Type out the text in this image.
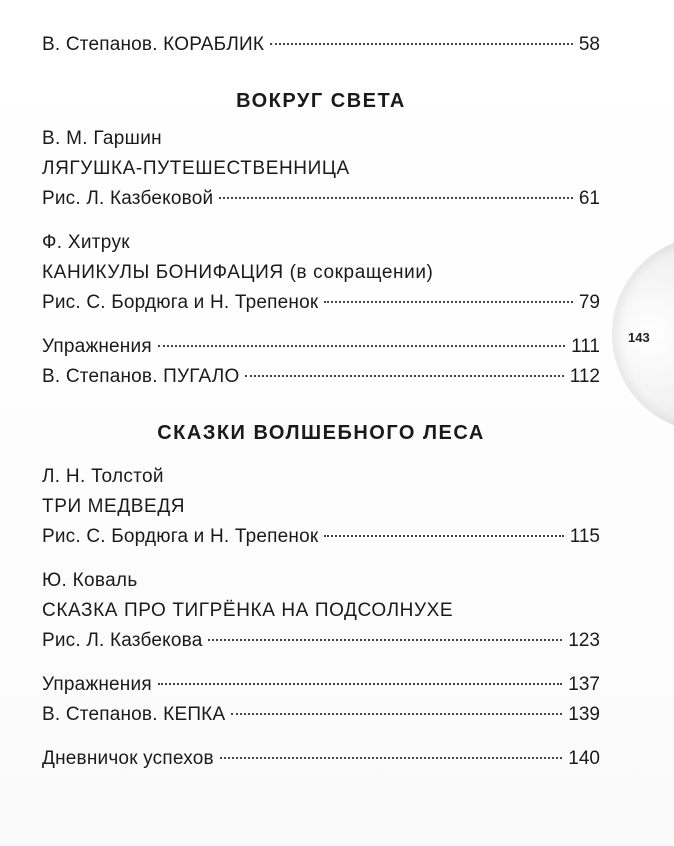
В. Степанов. КОРАБЛИК	58
ВОКРУГ СВЕТА
В. М. Гаршин
ЛЯГУШКА-ПУТЕШЕСТВЕННИЦА
Рис. Л. Казбековой	61
Ф. Хитрук
КАНИКУЛЫ БОНИФАЦИЯ (в сокращении)
Рис. С. Бордюга и Н. Трепенок	79
Упражнения	111
В. Степанов. ПУГАЛО	112
СКАЗКИ ВОЛШЕБНОГО ЛЕСА
Л. Н. Толстой
ТРИ МЕДВЕДЯ
Рис. С. Бордюга и Н. Трепенок	115
Ю. Коваль
СКАЗКА ПРО ТИГРЁНКА НА ПОДСОЛНУХЕ
Рис. Л. Казбекова	123
Упражнения	137
В. Степанов. КЕПКА	139
Дневничок успехов	140
143
